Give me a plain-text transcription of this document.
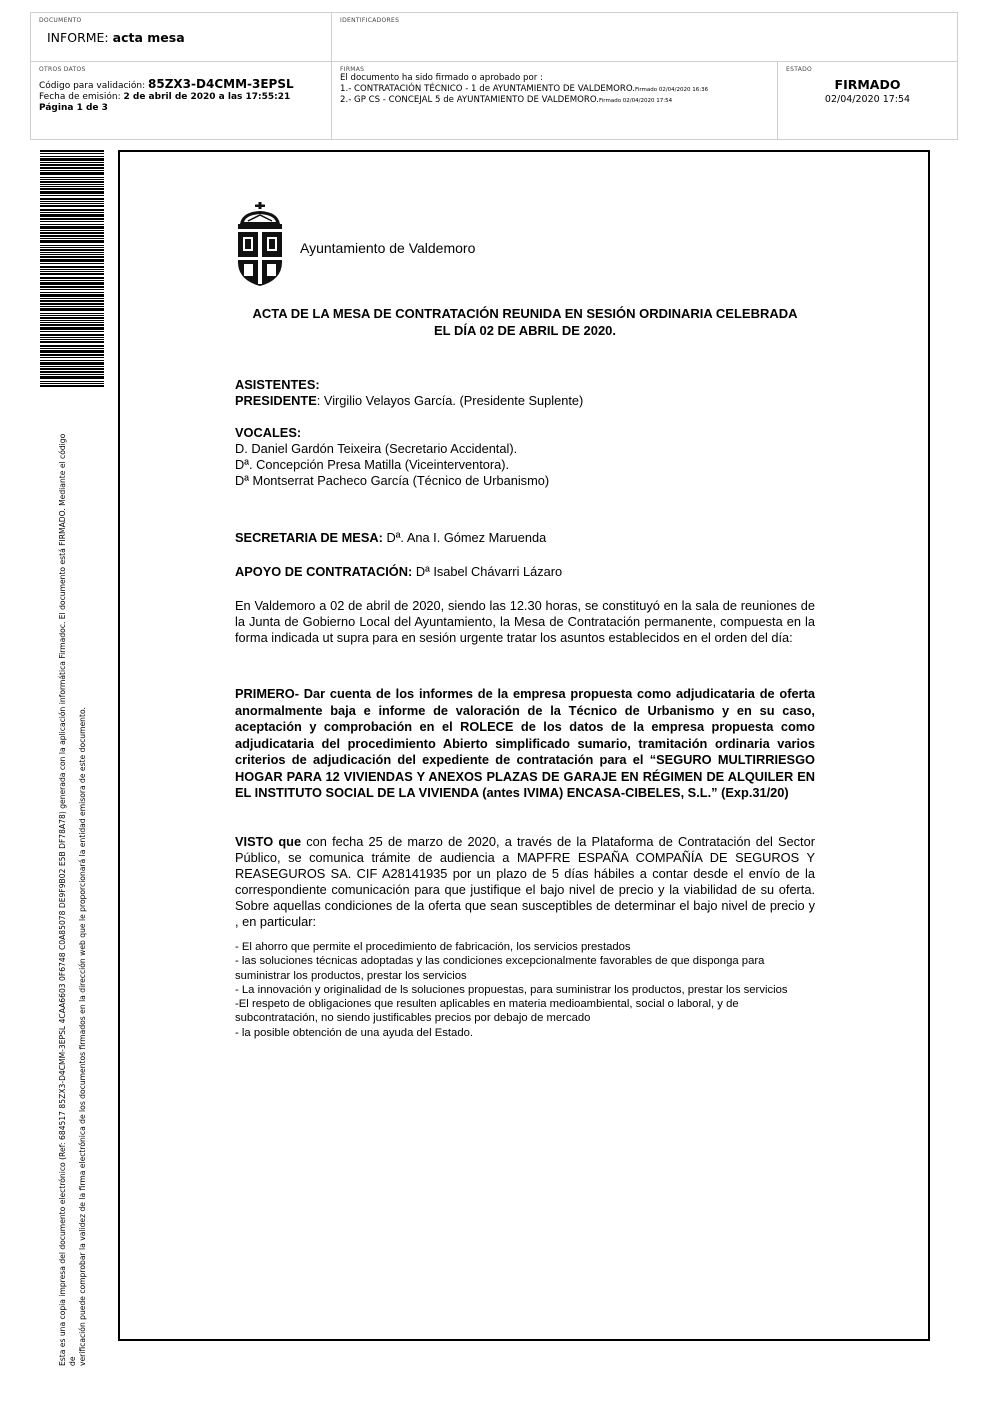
DOCUMENTO
INFORME: acta mesa
IDENTIFICADORES
OTROS DATOS
Código para validación: 85ZX3-D4CMM-3EPSL
Fecha de emisión: 2 de abril de 2020 a las 17:55:21
Página 1 de 3
FIRMAS
El documento ha sido firmado o aprobado por :
1.- CONTRATACIÓN TÉCNICO - 1 de AYUNTAMIENTO DE VALDEMORO.Firmado 02/04/2020 16:36
2.- GP CS - CONCEJAL 5 de AYUNTAMIENTO DE VALDEMORO.Firmado 02/04/2020 17:54
ESTADO
FIRMADO
02/04/2020 17:54
Esta es una copia impresa del documento electrónico (Ref: 684517 85ZX3-D4CMM-3EPSL 4CAA6603 0F6748 C0A85078 DE9F9B02 E5B DF78A78) generada con la aplicación informática Firmadoc. El documento está FIRMADO. Mediante el código de verificación puede comprobar la validez de la firma electrónica de los documentos firmados en la dirección web que le proporcionará la entidad emisora de este documento.
Ayuntamiento de Valdemoro
ACTA DE LA MESA DE CONTRATACIÓN REUNIDA EN SESIÓN ORDINARIA CELEBRADA
EL DÍA 02 DE ABRIL DE 2020.
ASISTENTES:
PRESIDENTE: Virgilio Velayos García. (Presidente Suplente)
VOCALES:
D. Daniel Gardón Teixeira (Secretario Accidental).
Dª. Concepción Presa Matilla (Viceinterventora).
Dª Montserrat Pacheco García (Técnico de Urbanismo)
SECRETARIA DE MESA: Dª. Ana I. Gómez Maruenda
APOYO DE CONTRATACIÓN: Dª Isabel Chávarri Lázaro
En Valdemoro a 02 de abril de 2020, siendo las 12.30 horas, se constituyó en la sala de reuniones de la Junta de Gobierno Local del Ayuntamiento, la Mesa de Contratación permanente, compuesta en la forma indicada ut supra para en sesión urgente tratar los asuntos establecidos en el orden del día:
PRIMERO- Dar cuenta de los informes de la empresa propuesta como adjudicataria de oferta anormalmente baja e informe de valoración de la Técnico de Urbanismo y en su caso, aceptación y comprobación en el ROLECE de los datos de la empresa propuesta como adjudicataria del procedimiento Abierto simplificado sumario, tramitación ordinaria varios criterios de adjudicación del expediente de contratación para el “SEGURO MULTIRRIESGO HOGAR PARA 12 VIVIENDAS Y ANEXOS PLAZAS DE GARAJE EN RÉGIMEN DE ALQUILER EN EL INSTITUTO SOCIAL DE LA VIVIENDA (antes IVIMA) ENCASA-CIBELES, S.L.” (Exp.31/20)
VISTO que con fecha 25 de marzo de 2020, a través de la Plataforma de Contratación del Sector Público, se comunica trámite de audiencia a MAPFRE ESPAÑA COMPAÑÍA DE SEGUROS Y REASEGUROS SA. CIF A28141935 por un plazo de 5 días hábiles a contar desde el envío de la correspondiente comunicación para que justifique el bajo nivel de precio y la viabilidad de su oferta. Sobre aquellas condiciones de la oferta que sean susceptibles de determinar el bajo nivel de precio y , en particular:
- El ahorro que permite el procedimiento de fabricación, los servicios prestados
- las soluciones técnicas adoptadas y las condiciones excepcionalmente favorables de que disponga para suministrar los productos, prestar los servicios
- La innovación y originalidad de ls soluciones propuestas, para suministrar los productos, prestar los servicios
-El respeto de obligaciones que resulten aplicables en materia medioambiental, social o laboral, y de subcontratación, no siendo justificables precios por debajo de mercado
- la posible obtención de una ayuda del Estado.
